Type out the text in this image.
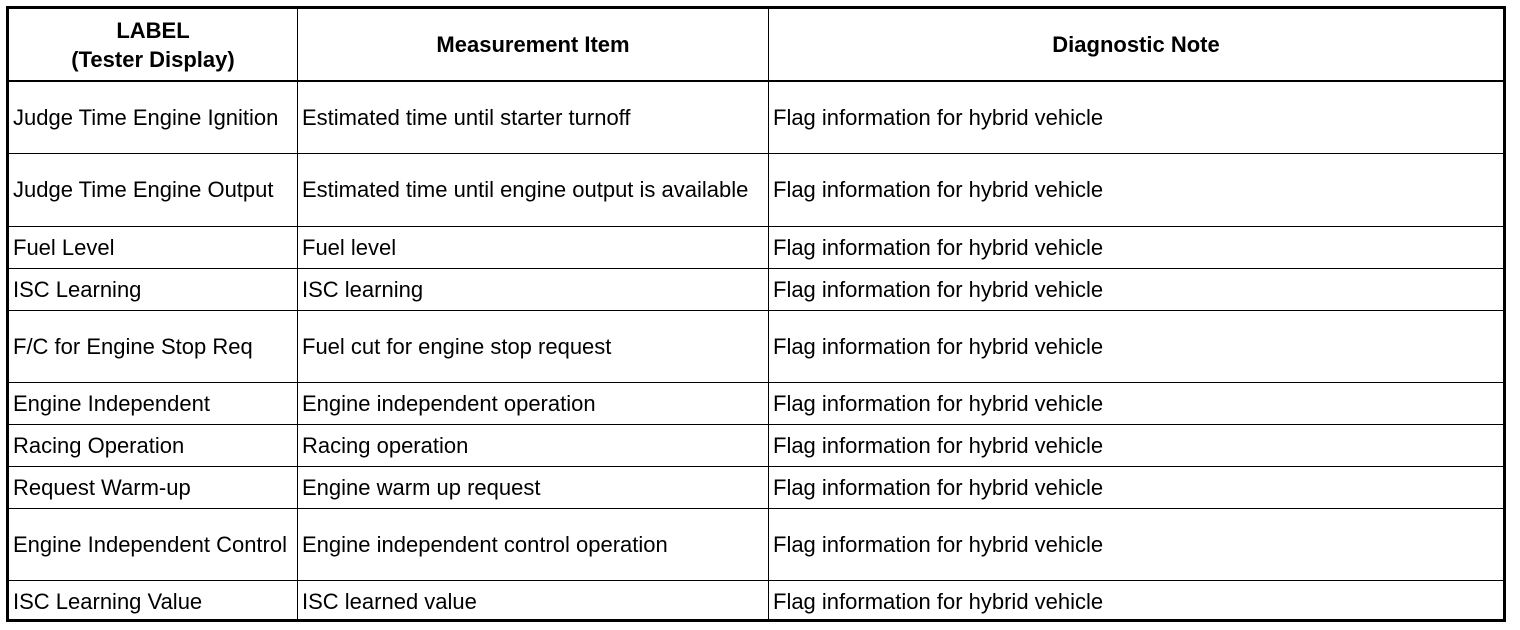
LABEL
(Tester Display)	Measurement Item	Diagnostic Note
Judge Time Engine Ignition	Estimated time until starter turnoff	Flag information for hybrid vehicle
Judge Time Engine Output	Estimated time until engine output is available	Flag information for hybrid vehicle
Fuel Level	Fuel level	Flag information for hybrid vehicle
ISC Learning	ISC learning	Flag information for hybrid vehicle
F/C for Engine Stop Req	Fuel cut for engine stop request	Flag information for hybrid vehicle
Engine Independent	Engine independent operation	Flag information for hybrid vehicle
Racing Operation	Racing operation	Flag information for hybrid vehicle
Request Warm-up	Engine warm up request	Flag information for hybrid vehicle
Engine Independent Control	Engine independent control operation	Flag information for hybrid vehicle
ISC Learning Value	ISC learned value	Flag information for hybrid vehicle
